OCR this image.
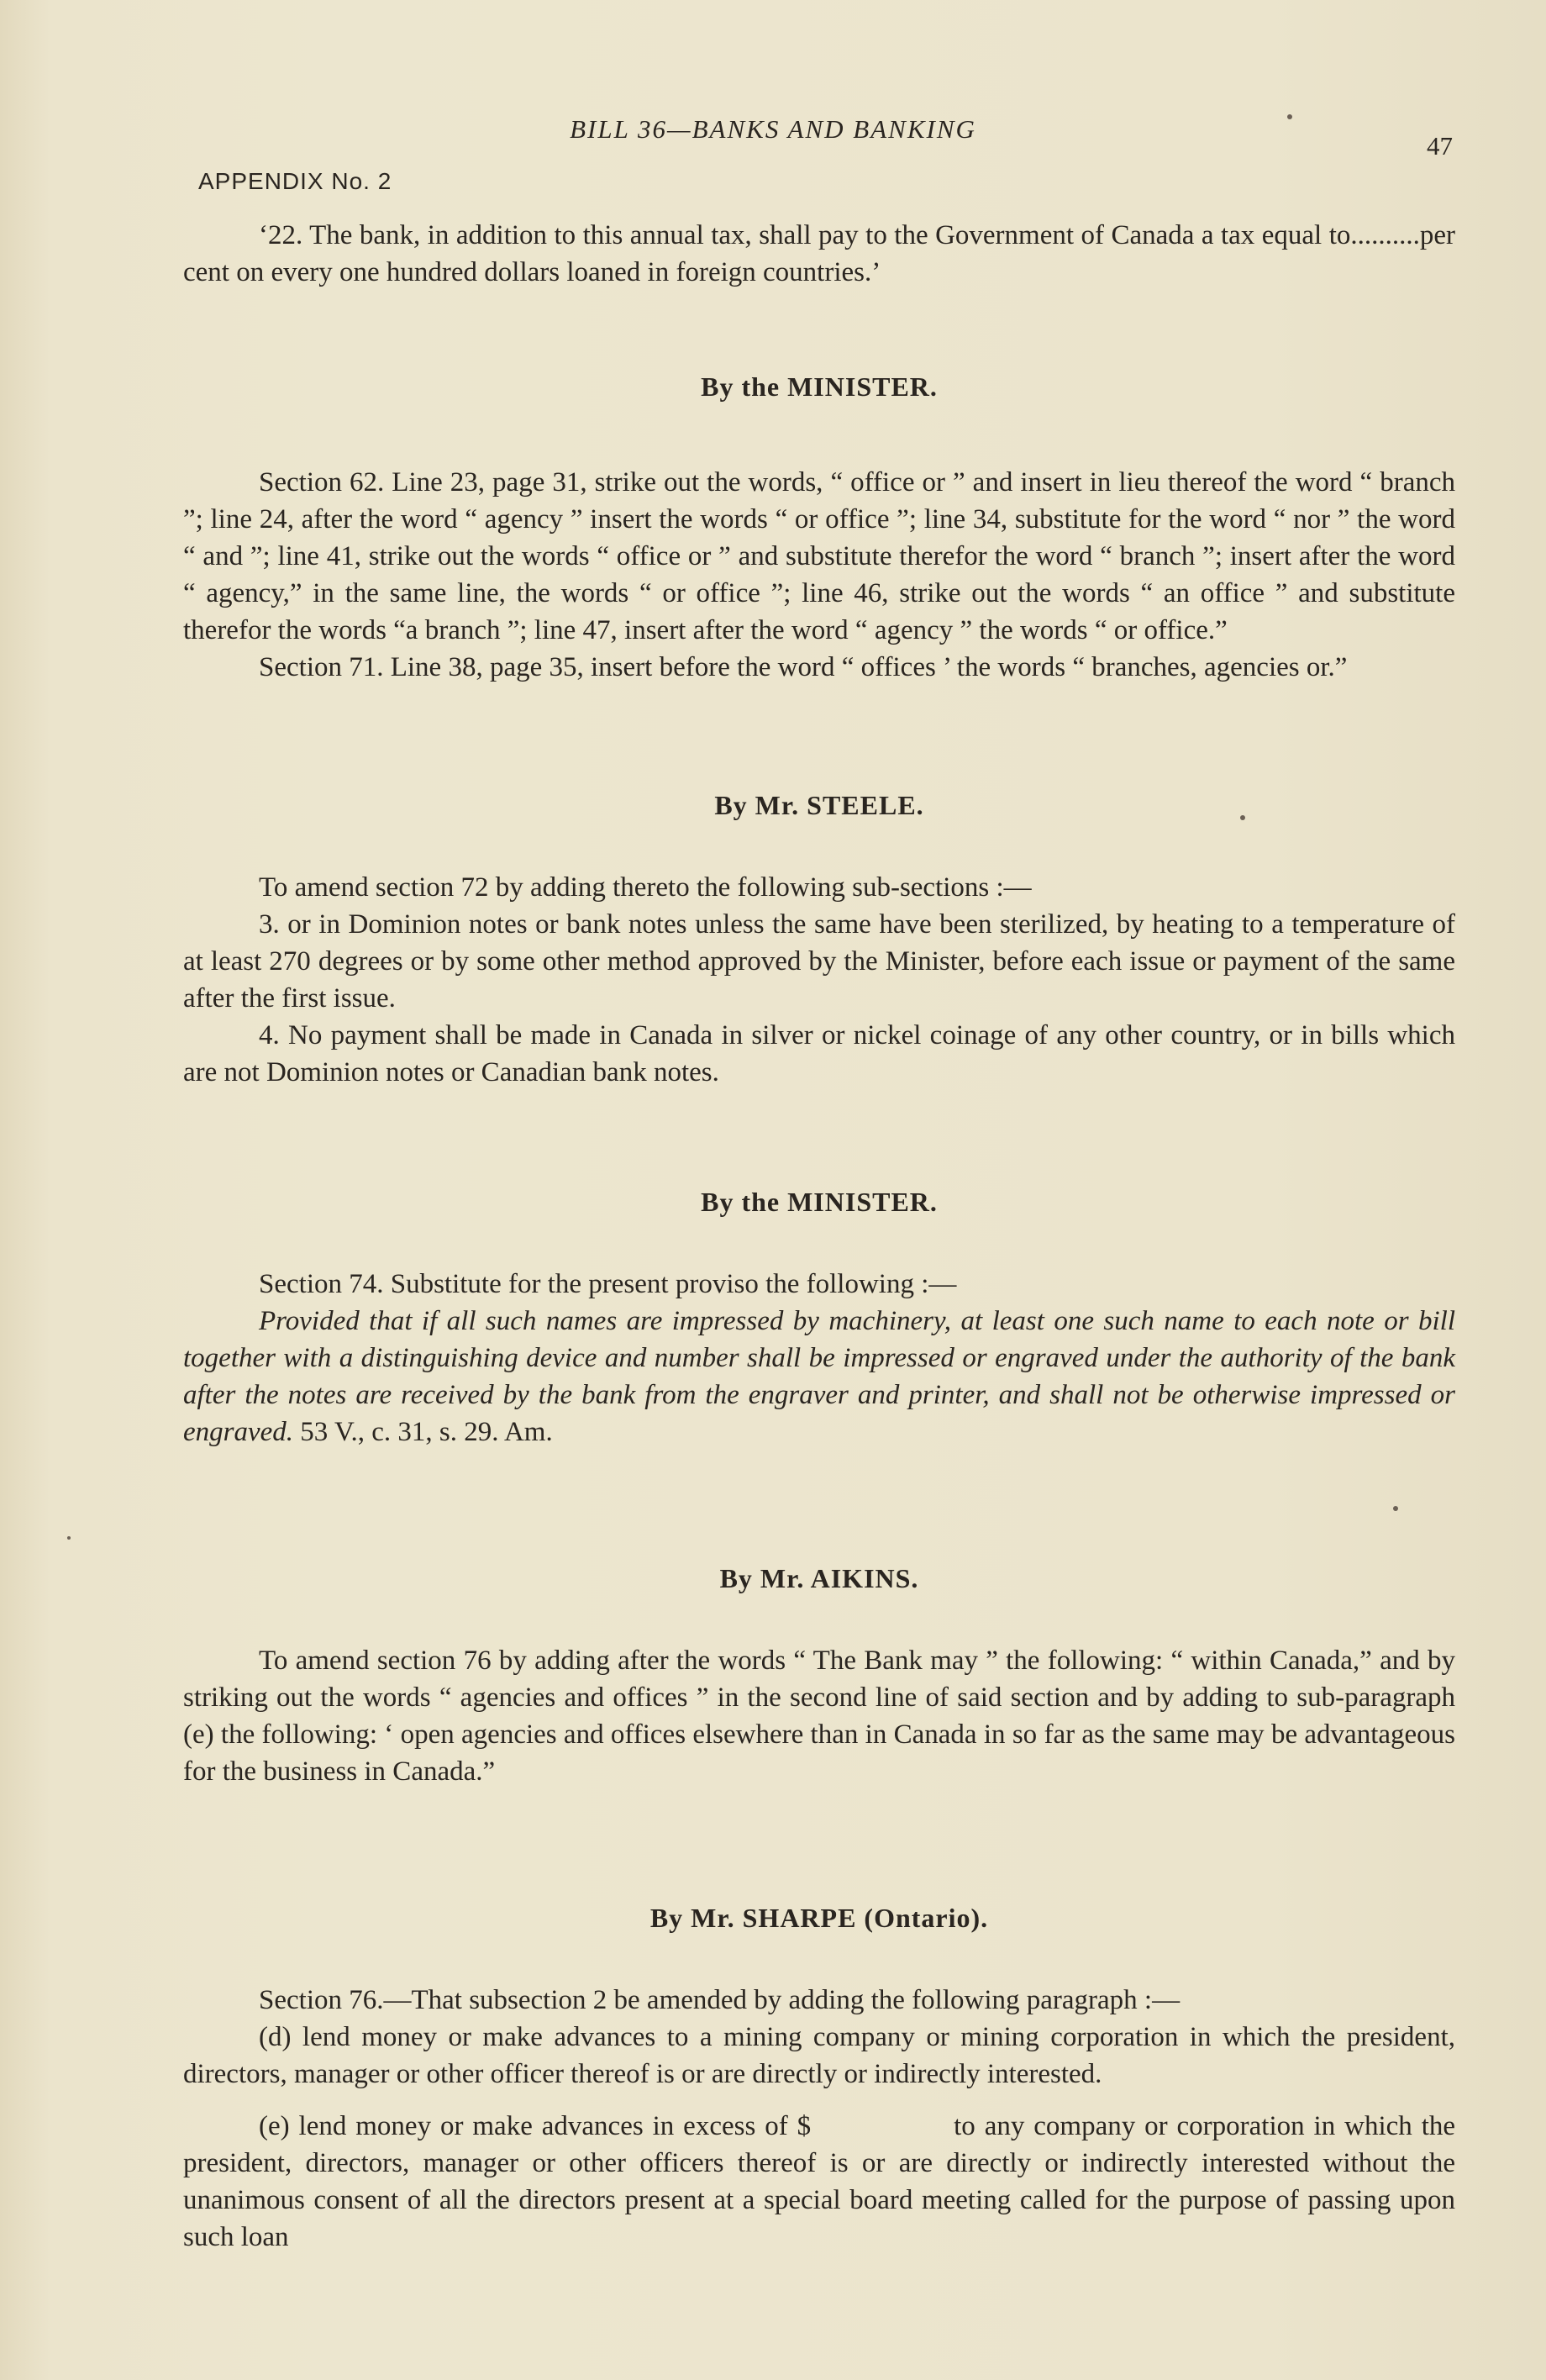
BILL 36—BANKS AND BANKING
47
APPENDIX No. 2

‘22. The bank, in addition to this annual tax, shall pay to the Government of Canada a tax equal to..........per cent on every one hundred dollars loaned in foreign countries.’

By the MINISTER.

Section 62. Line 23, page 31, strike out the words, “ office or ” and insert in lieu thereof the word “ branch ”; line 24, after the word “ agency ” insert the words “ or office ”; line 34, substitute for the word “ nor ” the word “ and ”; line 41, strike out the words “ office or ” and substitute therefor the word “ branch ”; insert after the word “ agency,” in the same line, the words “ or office ”; line 46, strike out the words “ an office ” and substitute therefor the words “a branch ”; line 47, insert after the word “ agency ” the words “ or office.”

Section 71. Line 38, page 35, insert before the word “ offices ’ the words “ branches, agencies or.”

By Mr. STEELE.

To amend section 72 by adding thereto the following sub-sections :—

3. or in Dominion notes or bank notes unless the same have been sterilized, by heating to a temperature of at least 270 degrees or by some other method approved by the Minister, before each issue or payment of the same after the first issue.

4. No payment shall be made in Canada in silver or nickel coinage of any other country, or in bills which are not Dominion notes or Canadian bank notes.

By the MINISTER.

Section 74. Substitute for the present proviso the following :—

Provided that if all such names are impressed by machinery, at least one such name to each note or bill together with a distinguishing device and number shall be impressed or engraved under the authority of the bank after the notes are received by the bank from the engraver and printer, and shall not be otherwise impressed or engraved. 53 V., c. 31, s. 29. Am.

By Mr. AIKINS.

To amend section 76 by adding after the words “ The Bank may ” the following: “ within Canada,” and by striking out the words “ agencies and offices ” in the second line of said section and by adding to sub-paragraph (e) the following: ‘ open agencies and offices elsewhere than in Canada in so far as the same may be advantageous for the business in Canada.”

By Mr. SHARPE (Ontario).

Section 76.—That subsection 2 be amended by adding the following paragraph :—

(d) lend money or make advances to a mining company or mining corporation in which the president, directors, manager or other officer thereof is or are directly or indirectly interested.

(e) lend money or make advances in excess of $	to any company or corporation in which the president, directors, manager or other officers thereof is or are directly or indirectly interested without the unanimous consent of all the directors present at a special board meeting called for the purpose of passing upon such loan
